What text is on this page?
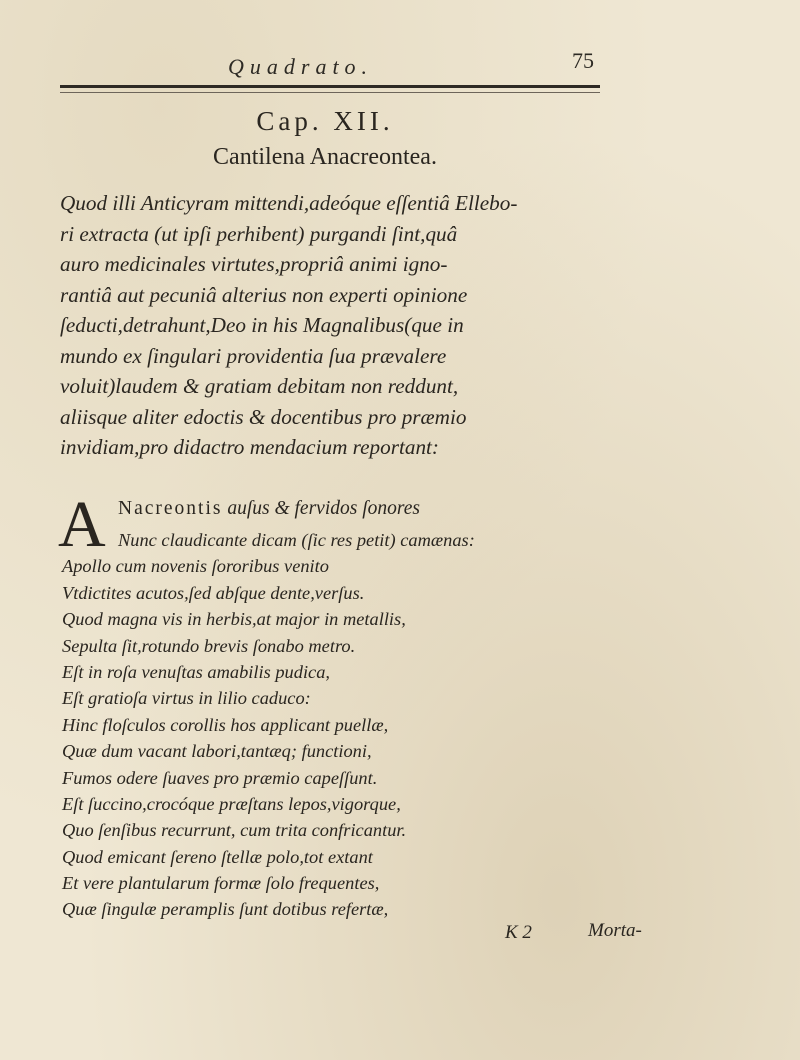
Quadrato.	75
Cap. XII.
Cantilena Anacreontea.
Quod illi Anticyram mittendi,adeóque eſſentiâ Ellebo-
ri extracta (ut ipſi perhibent) purgandi ſint,quâ
auro medicinales virtutes,propriâ animi igno-
rantiâ aut pecuniâ alterius non experti opinione
ſeducti,detrahunt,Deo in his Magnalibus(que in
mundo ex ſingulari providentia ſua prævalere
voluit)laudem & gratiam debitam non reddunt,
aliisque aliter edoctis & docentibus pro præmio
invidiam,pro didactro mendacium reportant:
A Nacreontis auſus & fervidos ſonores
Nunc claudicante dicam (ſic res petit) camænas:
Apollo cum novenis ſororibus venito
Vtdictites acutos,ſed abſque dente,verſus.
Quod magna vis in herbis,at major in metallis,
Sepulta ſit,rotundo brevis ſonabo metro.
Eſt in roſa venuſtas amabilis pudica,
Eſt gratioſa virtus in lilio caduco:
Hinc floſculos corollis hos applicant puellæ,
Quæ dum vacant labori,tantæq; functioni,
Fumos odere ſuaves pro præmio capeſſunt.
Eſt ſuccino,crocóque præſtans lepos,vigorque,
Quo ſenſibus recurrunt, cum trita confricantur.
Quod emicant ſereno ſtellæ polo,tot extant
Et vere plantularum formæ ſolo frequentes,
Quæ ſingulæ peramplis ſunt dotibus refertæ,
K 2	Morta-
